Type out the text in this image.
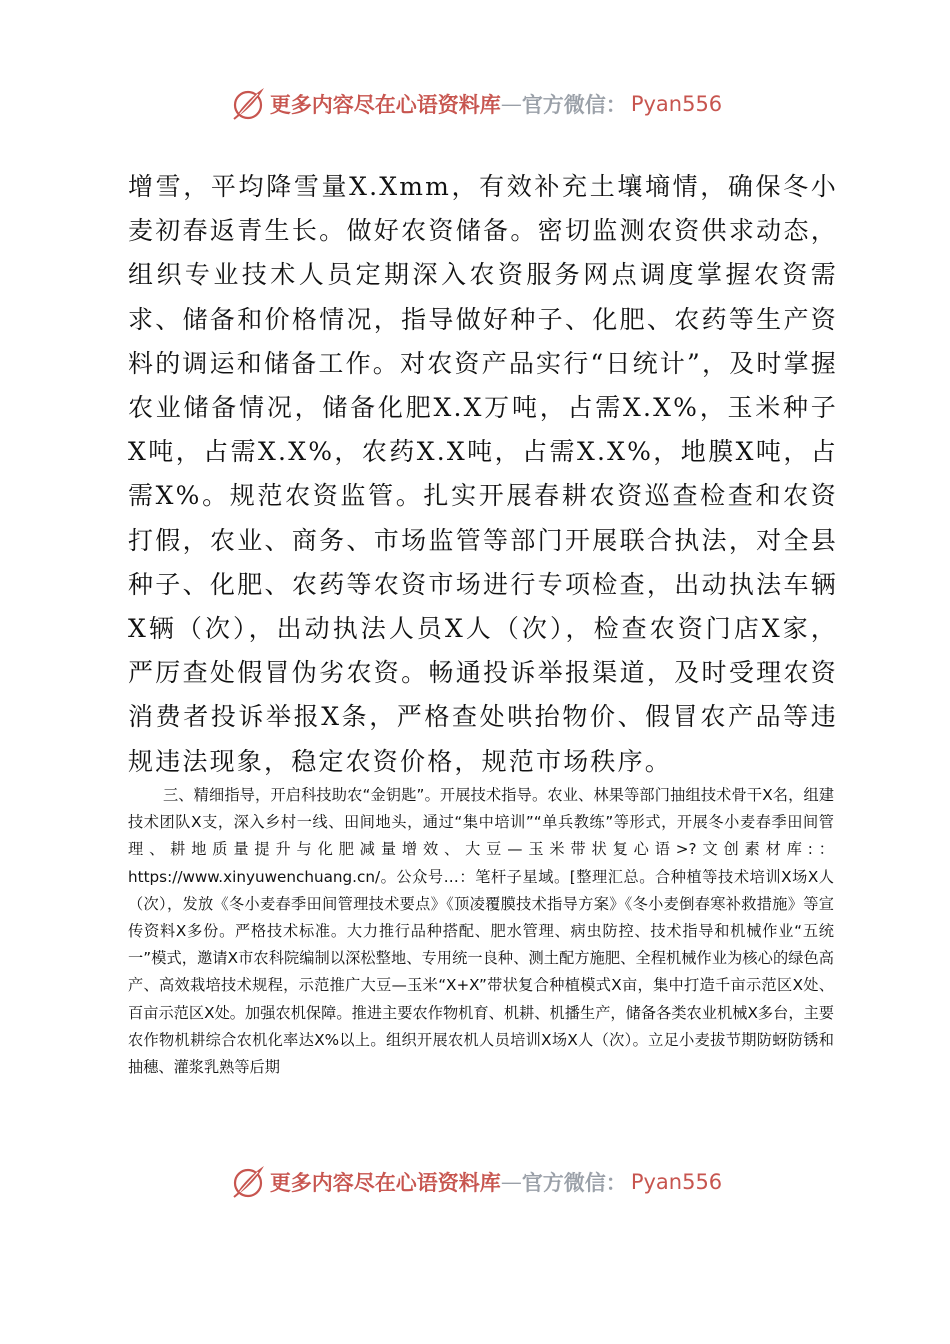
更多内容尽在心语资料库 — 官方微信： Pyan556
增雪，平均降雪量X.Xmm，有效补充土壤墒情，确保冬小麦初春返青生长。做好农资储备。密切监测农资供求动态，组织专业技术人员定期深入农资服务网点调度掌握农资需求、储备和价格情况，指导做好种子、化肥、农药等生产资料的调运和储备工作。对农资产品实行“日统计”，及时掌握农业储备情况，储备化肥X.X万吨，占需X.X%，玉米种子X吨，占需X.X%，农药X.X吨，占需X.X%，地膜X吨，占需X%。规范农资监管。扎实开展春耕农资巡查检查和农资打假，农业、商务、市场监管等部门开展联合执法，对全县种子、化肥、农药等农资市场进行专项检查，出动执法车辆X辆（次），出动执法人员X人（次），检查农资门店X家，严厉查处假冒伪劣农资。畅通投诉举报渠道，及时受理农资消费者投诉举报X条，严格查处哄抬物价、假冒农产品等违规违法现象，稳定农资价格，规范市场秩序。
三、精细指导，开启科技助农“金钥匙”。开展技术指导。农业、林果等部门抽组技术骨干X名，组建技术团队X支，深入乡村一线、田间地头，通过“集中培训”“单兵教练”等形式，开展冬小麦春季田间管理、耕地质量提升与化肥减量增效、大豆—玉米带状复心语>?文创素材库:：https://www.xinyuwenchuang.cn/。公众号…：笔杆子星域。[整理汇总。合种植等技术培训X场X人（次），发放《冬小麦春季田间管理技术要点》《顶凌覆膜技术指导方案》《冬小麦倒春寒补救措施》等宣传资料X多份。严格技术标准。大力推行品种搭配、肥水管理、病虫防控、技术指导和机械作业“五统一”模式，邀请X市农科院编制以深松整地、专用统一良种、测土配方施肥、全程机械作业为核心的绿色高产、高效栽培技术规程，示范推广大豆—玉米“X+X”带状复合种植模式X亩，集中打造千亩示范区X处、百亩示范区X处。加强农机保障。推进主要农作物机育、机耕、机播生产，储备各类农业机械X多台，主要农作物机耕综合农机化率达X%以上。组织开展农机人员培训X场X人（次）。立足小麦拔节期防蚜防锈和抽穗、灌浆乳熟等后期
更多内容尽在心语资料库 — 官方微信： Pyan556
